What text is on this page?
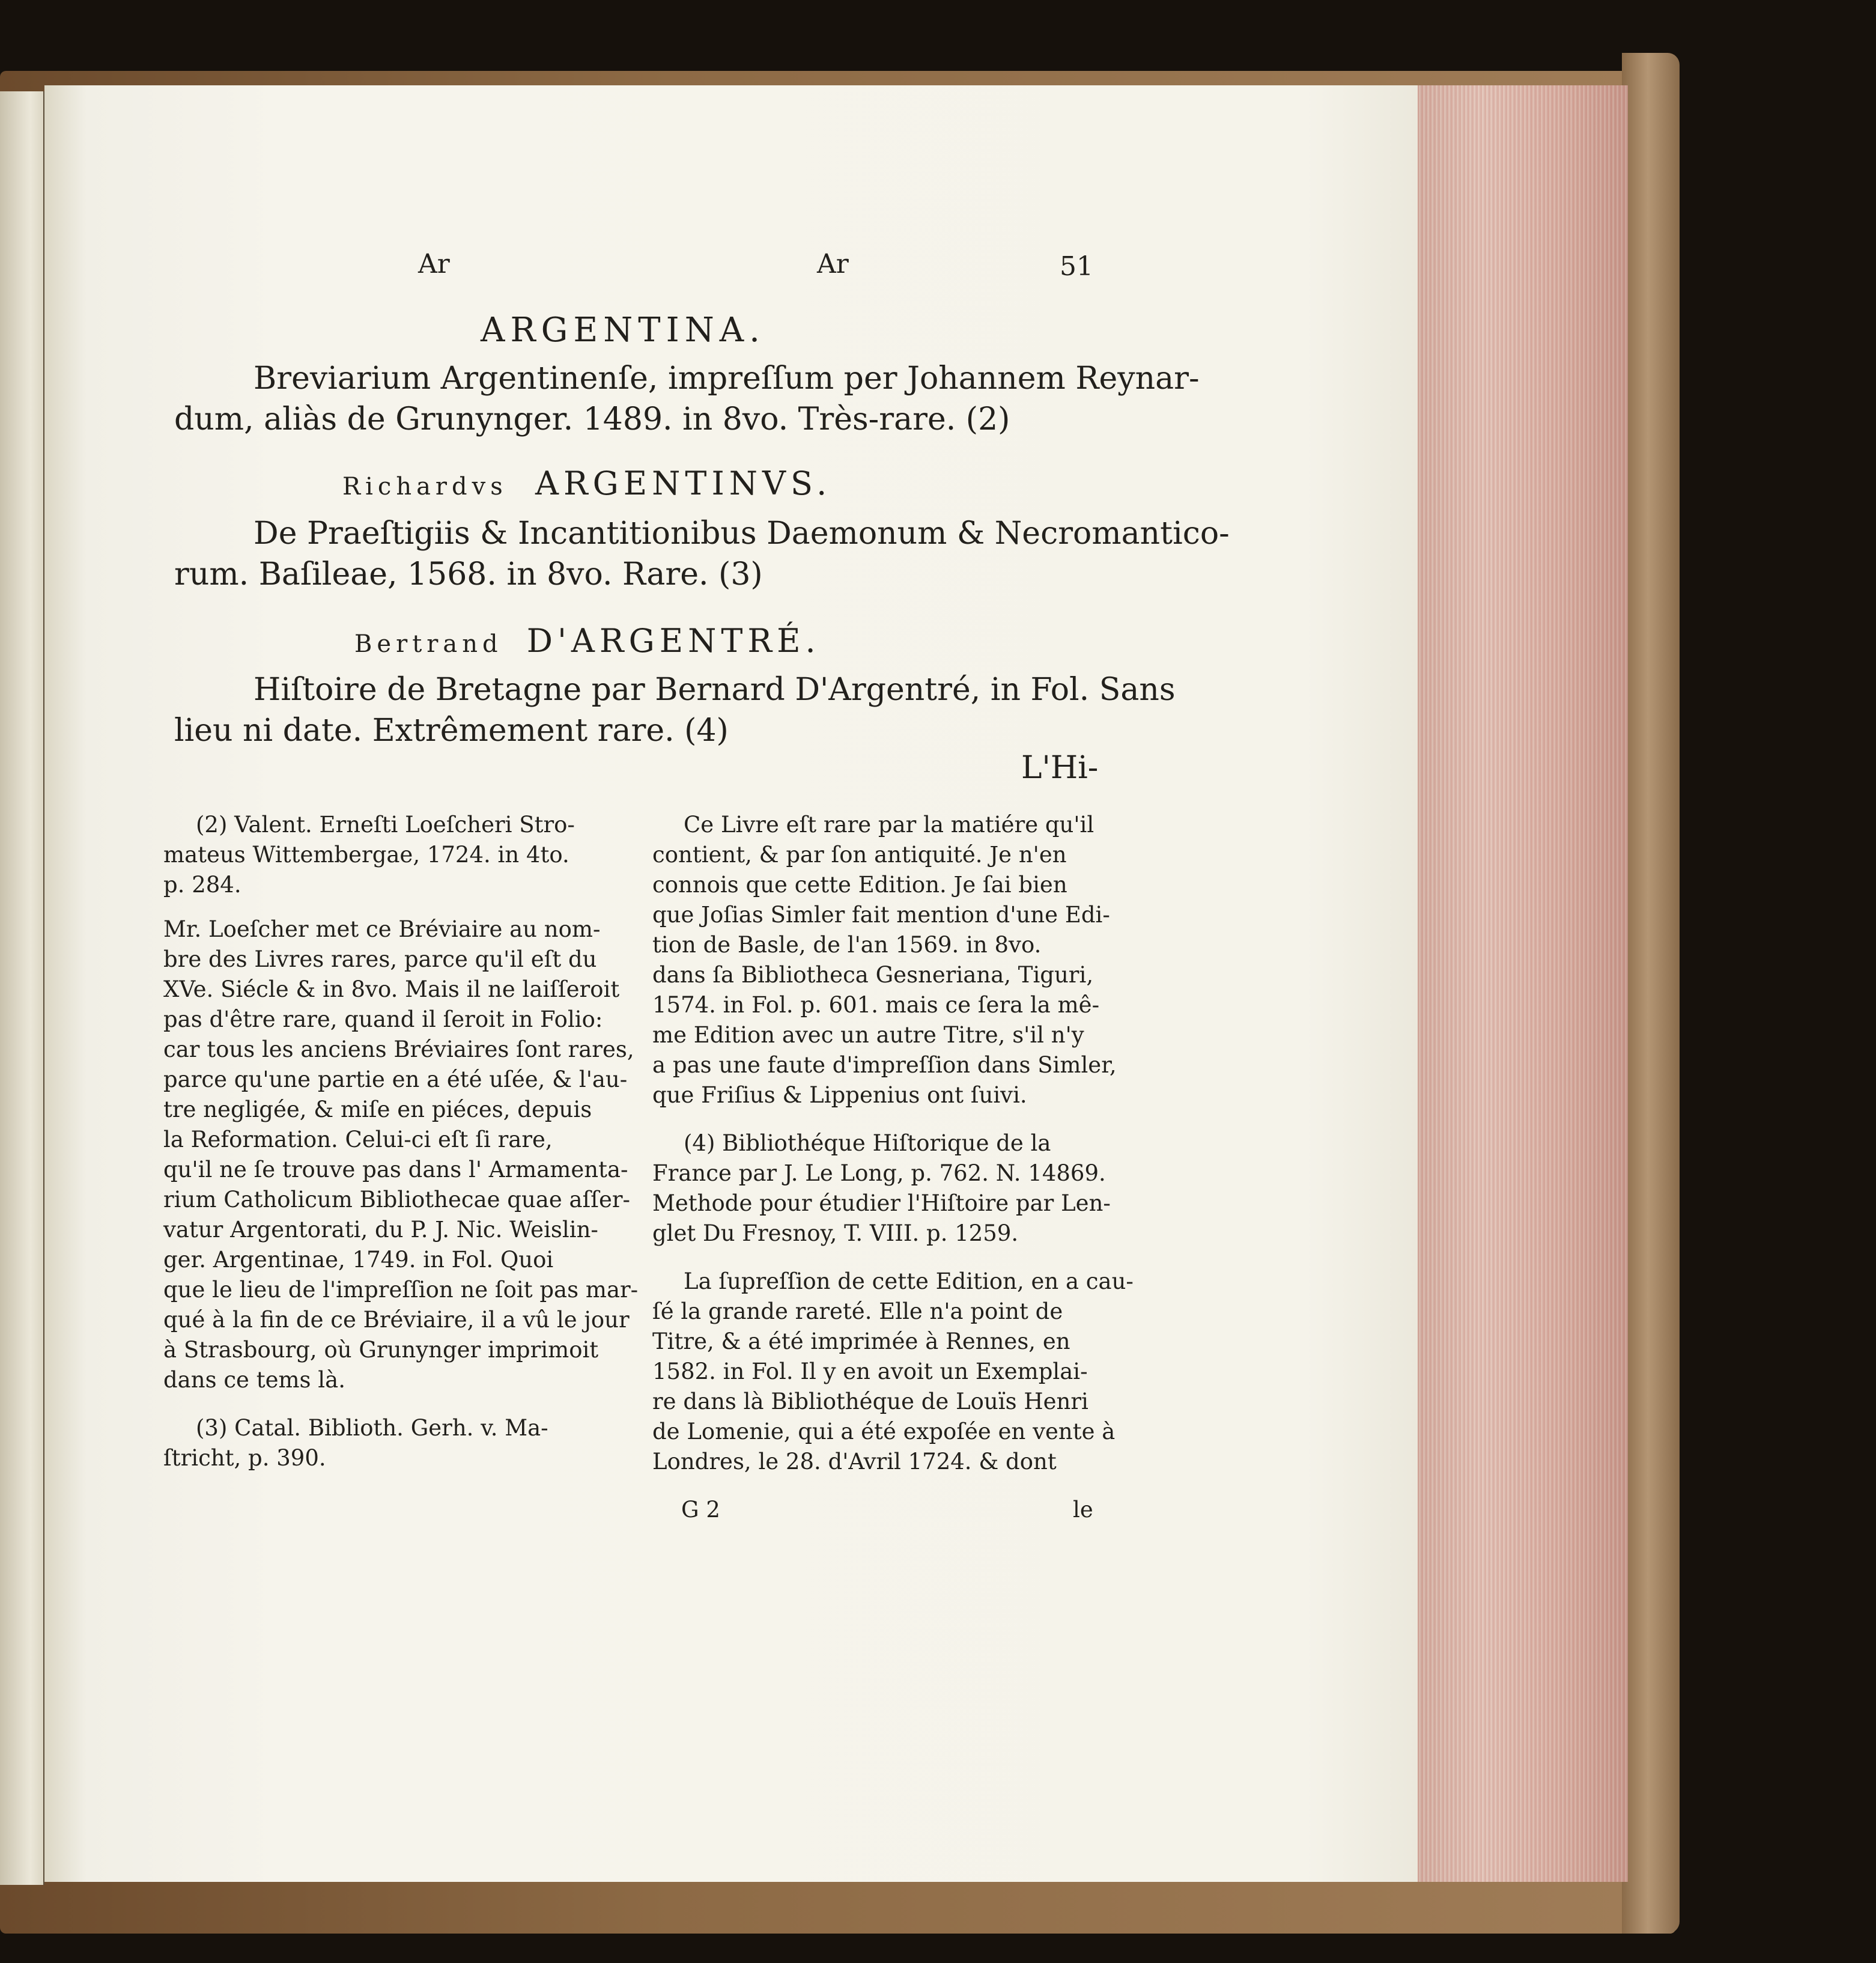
Ar	Ar	51
ARGENTINA.
Breviarium Argentinenſe, impreſſum per Johannem Reynar-
dum, aliàs de Grunynger. 1489. in 8vo. Très-rare. (2)
Richardvs ARGENTINVS.
De Praeſtigiis & Incantitionibus Daemonum & Necromantico-
rum. Baſileae, 1568. in 8vo. Rare. (3)
Bertrand D'ARGENTRÉ.
Hiſtoire de Bretagne par Bernard D'Argentré, in Fol. Sans
lieu ni date. Extrêmement rare. (4)
L'Hi-
(2) Valent. Erneſti Loeſcheri Stro-
mateus Wittembergae, 1724. in 4to.
p. 284.
Mr. Loeſcher met ce Bréviaire au nom-
bre des Livres rares, parce qu'il eſt du
XVe. Siécle & in 8vo. Mais il ne laiſſeroit
pas d'être rare, quand il ſeroit in Folio:
car tous les anciens Bréviaires ſont rares,
parce qu'une partie en a été uſée, & l'au-
tre negligée, & miſe en piéces, depuis
la Reformation. Celui-ci eſt ſi rare,
qu'il ne ſe trouve pas dans l' Armamenta-
rium Catholicum Bibliothecae quae aſſer-
vatur Argentorati, du P. J. Nic. Weislin-
ger. Argentinae, 1749. in Fol. Quoi
que le lieu de l'impreſſion ne ſoit pas mar-
qué à la fin de ce Bréviaire, il a vû le jour
à Strasbourg, où Grunynger imprimoit
dans ce tems là.
(3) Catal. Biblioth. Gerh. v. Ma-
ſtricht, p. 390.
Ce Livre eſt rare par la matiére qu'il
contient, & par ſon antiquité. Je n'en
connois que cette Edition. Je ſai bien
que Joſias Simler fait mention d'une Edi-
tion de Basle, de l'an 1569. in 8vo.
dans ſa Bibliotheca Gesneriana, Tiguri,
1574. in Fol. p. 601. mais ce ſera la mê-
me Edition avec un autre Titre, s'il n'y
a pas une faute d'impreſſion dans Simler,
que Friſius & Lippenius ont ſuivi.
(4) Bibliothéque Hiſtorique de la
France par J. Le Long, p. 762. N. 14869.
Methode pour étudier l'Hiſtoire par Len-
glet Du Fresnoy, T. VIII. p. 1259.
La ſupreſſion de cette Edition, en a cau-
ſé la grande rareté. Elle n'a point de
Titre, & a été imprimée à Rennes, en
1582. in Fol. Il y en avoit un Exemplai-
re dans là Bibliothéque de Louïs Henri
de Lomenie, qui a été expoſée en vente à
Londres, le 28. d'Avril 1724. & dont
G 2	le
